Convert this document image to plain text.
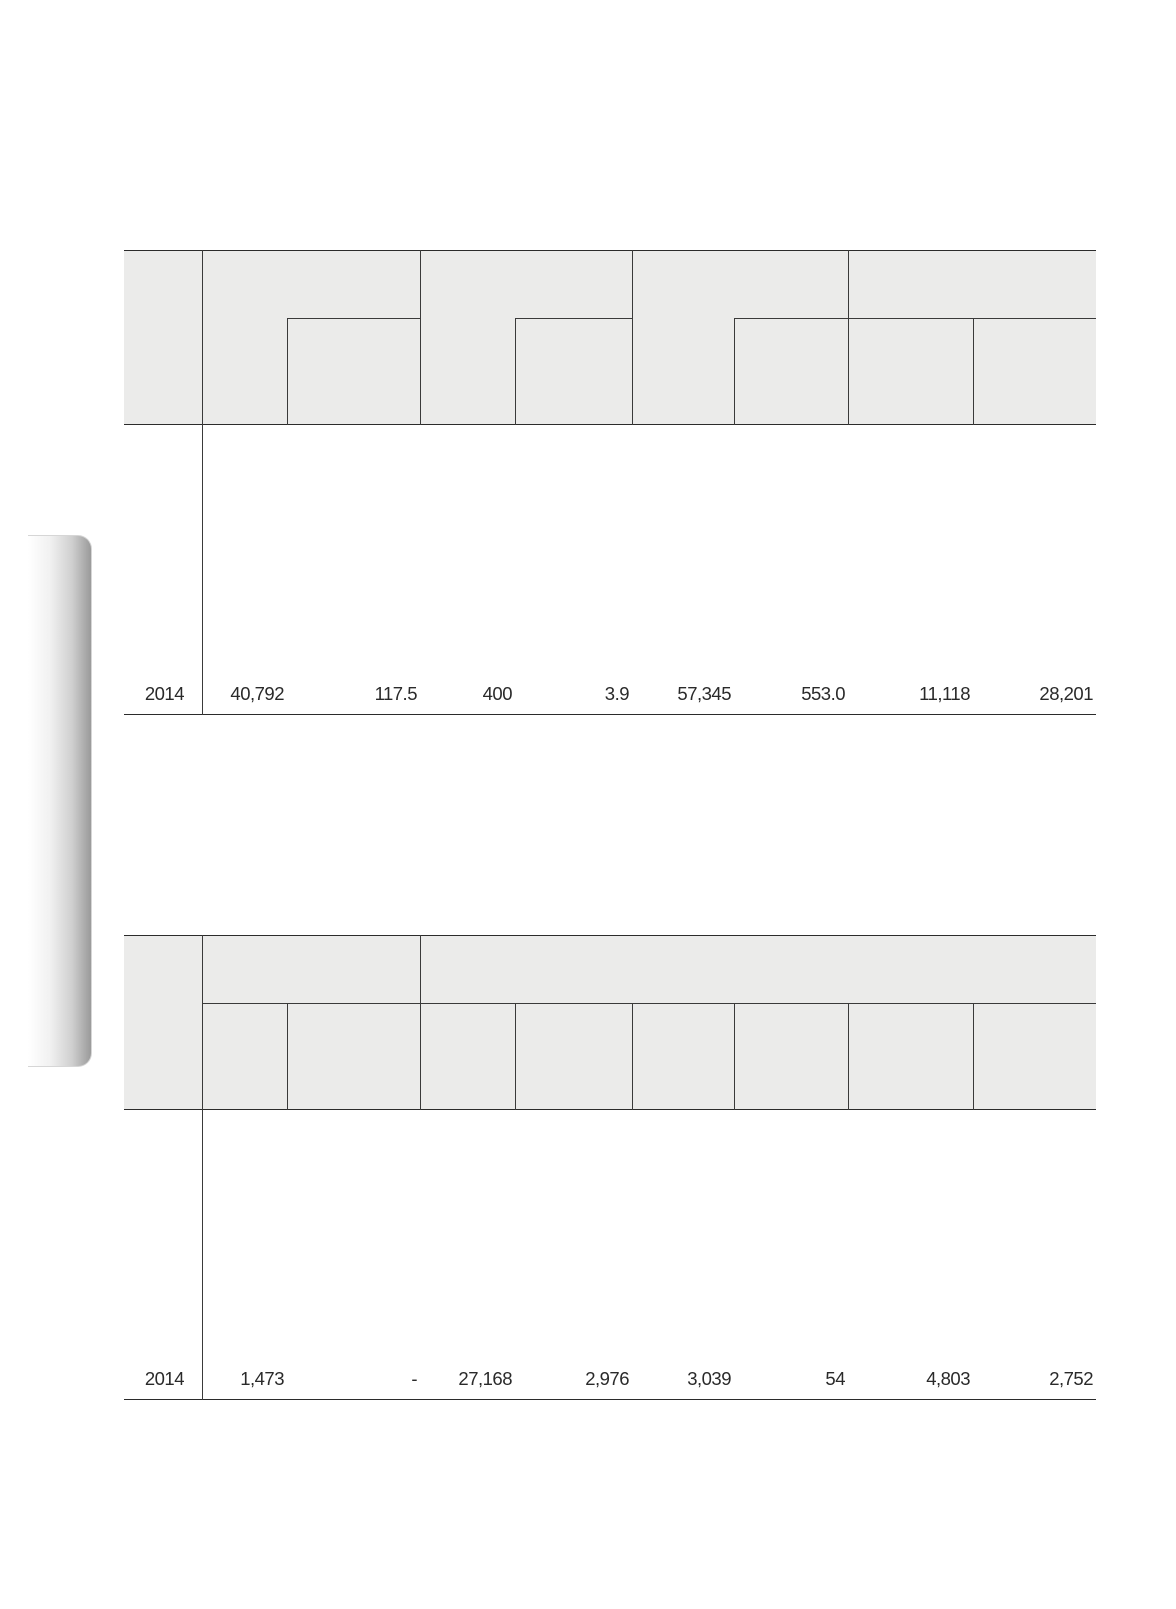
2014	40,792	117.5	400	3.9	57,345	553.0	11,118	28,201
2014	1,473	-	27,168	2,976	3,039	54	4,803	2,752
